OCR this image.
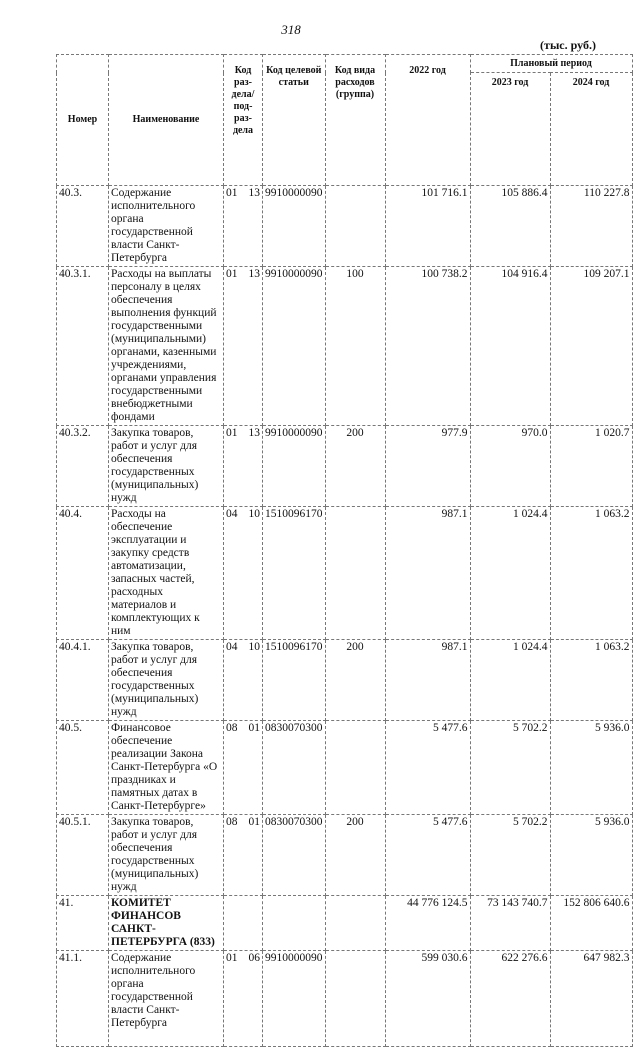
318
(тыс. руб.)
Номер	Наименование	Код раз-дела/ под-раз-дела	Код целевой статьи	Код вида расходов (группа)	2022 год	Плановый период	
						2023 год	2024 год
40.3.	Содержание исполнительного органа государственной власти Санкт-Петербурга	01 13	9910000090		101 716.1	105 886.4	110 227.8
40.3.1.	Расходы на выплаты персоналу в целях обеспечения выполнения функций государственными (муниципальными) органами, казенными учреждениями, органами управления государственными внебюджетными фондами	01 13	9910000090	100	100 738.2	104 916.4	109 207.1
40.3.2.	Закупка товаров, работ и услуг для обеспечения государственных (муниципальных) нужд	01 13	9910000090	200	977.9	970.0	1 020.7
40.4.	Расходы на обеспечение эксплуатации и закупку средств автоматизации, запасных частей, расходных материалов и комплектующих к ним	04 10	1510096170		987.1	1 024.4	1 063.2
40.4.1.	Закупка товаров, работ и услуг для обеспечения государственных (муниципальных) нужд	04 10	1510096170	200	987.1	1 024.4	1 063.2
40.5.	Финансовое обеспечение реализации Закона Санкт-Петербурга «О праздниках и памятных датах в Санкт-Петербурге»	08 01	0830070300		5 477.6	5 702.2	5 936.0
40.5.1.	Закупка товаров, работ и услуг для обеспечения государственных (муниципальных) нужд	08 01	0830070300	200	5 477.6	5 702.2	5 936.0
41.	КОМИТЕТ ФИНАНСОВ САНКТ-ПЕТЕРБУРГА (833)				44 776 124.5	73 143 740.7	152 806 640.6
41.1.	Содержание исполнительного органа государственной власти Санкт-Петербурга	01 06	9910000090		599 030.6	622 276.6	647 982.3
